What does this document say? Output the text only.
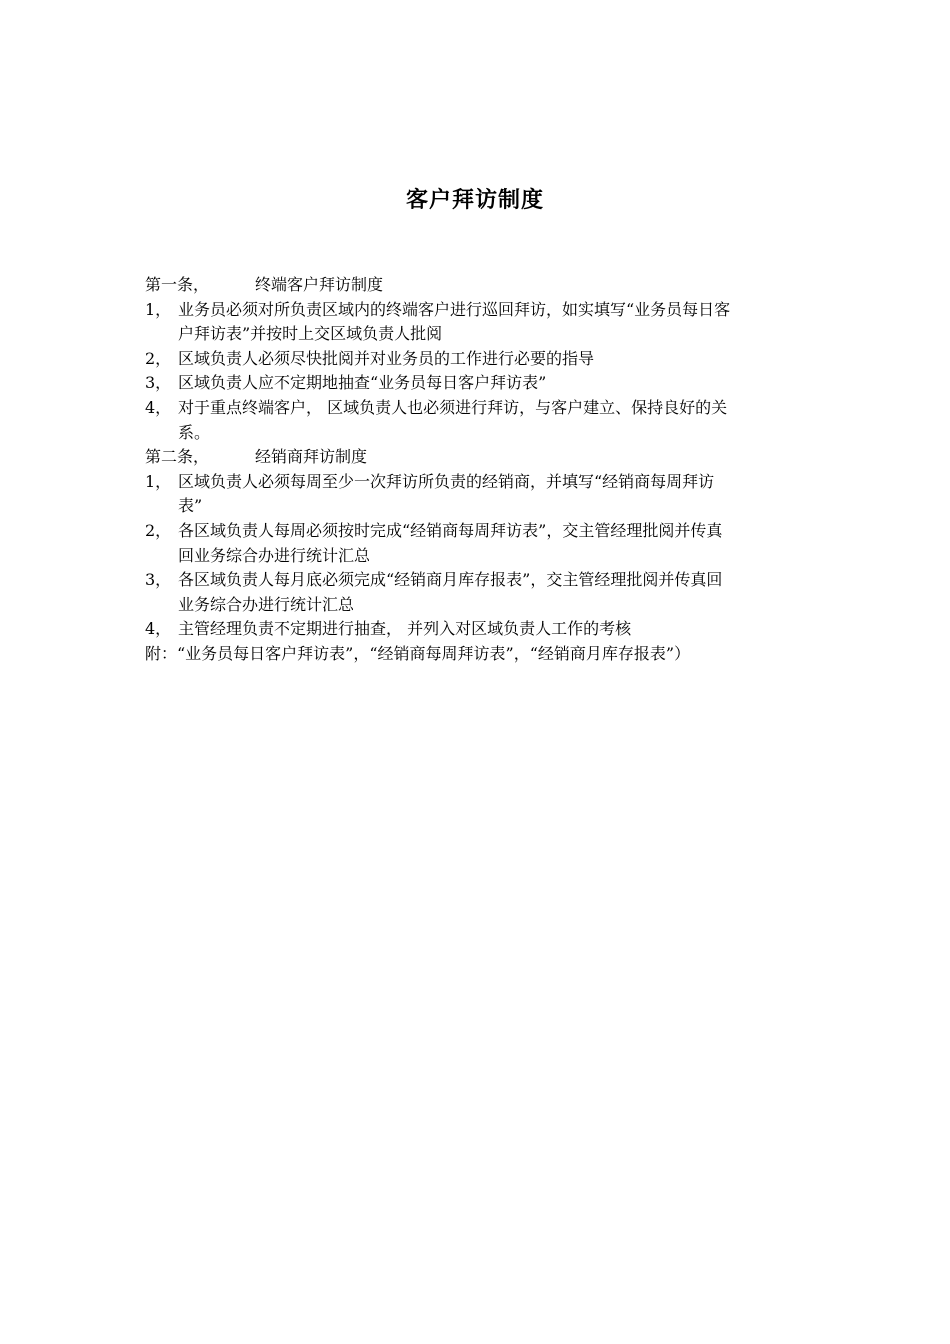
客户拜访制度
第一条，	终端客户拜访制度
1， 业务员必须对所负责区域内的终端客户进行巡回拜访，如实填写“业务员每日客
户拜访表”并按时上交区域负责人批阅
2， 区域负责人必须尽快批阅并对业务员的工作进行必要的指导
3， 区域负责人应不定期地抽查“业务员每日客户拜访表”
4， 对于重点终端客户， 区域负责人也必须进行拜访，与客户建立、保持良好的关
系。
第二条，	经销商拜访制度
1， 区域负责人必须每周至少一次拜访所负责的经销商，并填写“经销商每周拜访
表”
2， 各区域负责人每周必须按时完成“经销商每周拜访表”，交主管经理批阅并传真
回业务综合办进行统计汇总
3， 各区域负责人每月底必须完成“经销商月库存报表”，交主管经理批阅并传真回
业务综合办进行统计汇总
4， 主管经理负责不定期进行抽查， 并列入对区域负责人工作的考核
附：“业务员每日客户拜访表”，“经销商每周拜访表”，“经销商月库存报表”）
